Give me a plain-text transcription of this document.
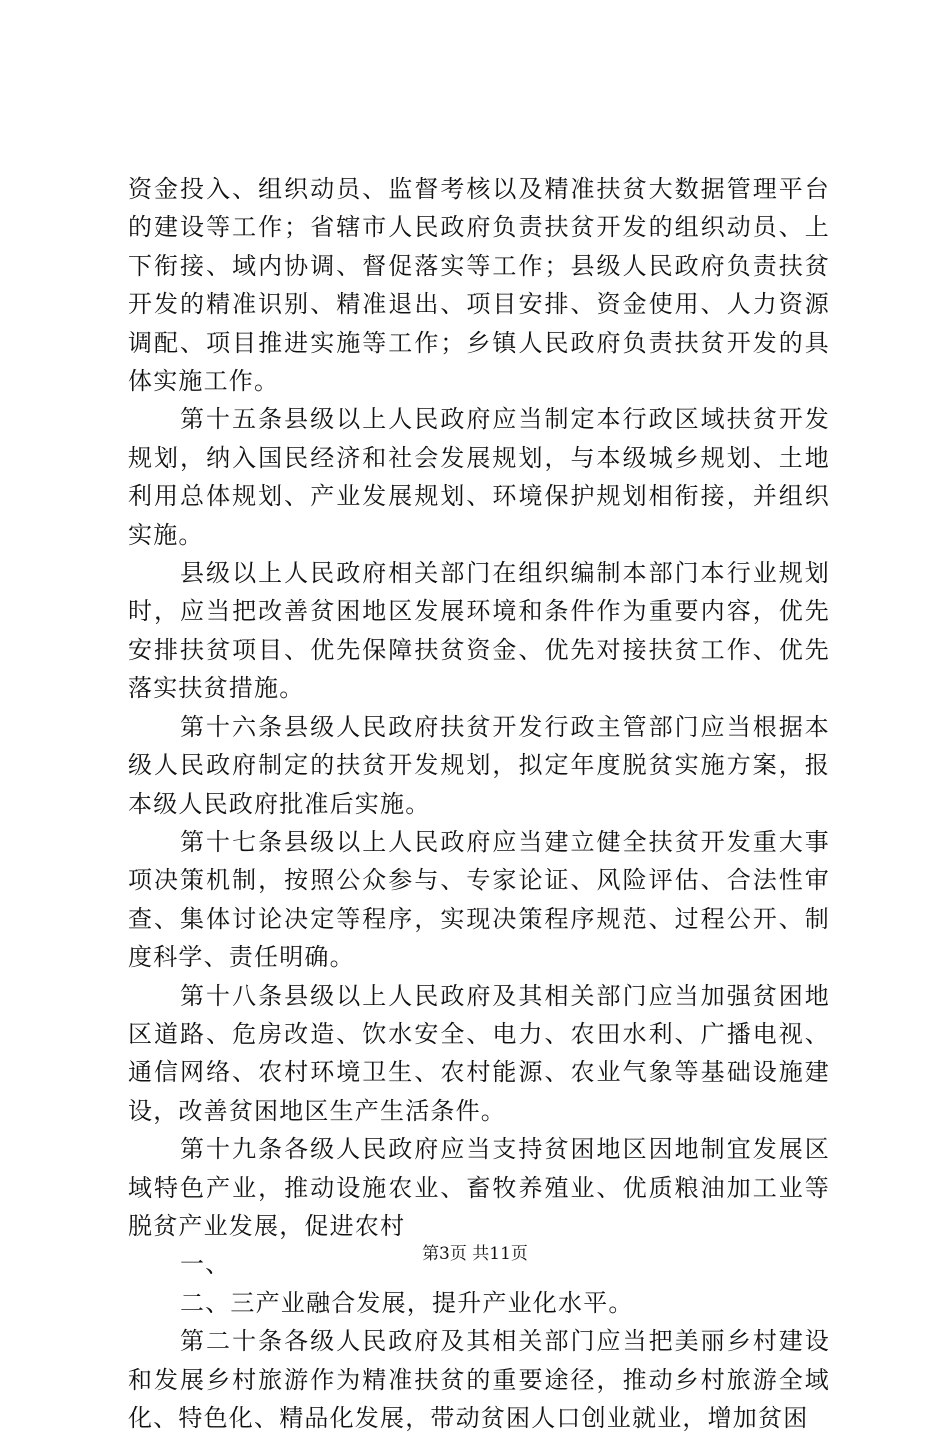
资金投入、组织动员、监督考核以及精准扶贫大数据管理平台的建设等工作；省辖市人民政府负责扶贫开发的组织动员、上下衔接、域内协调、督促落实等工作；县级人民政府负责扶贫开发的精准识别、精准退出、项目安排、资金使用、人力资源调配、项目推进实施等工作；乡镇人民政府负责扶贫开发的具体实施工作。

第十五条县级以上人民政府应当制定本行政区域扶贫开发规划，纳入国民经济和社会发展规划，与本级城乡规划、土地利用总体规划、产业发展规划、环境保护规划相衔接，并组织实施。

县级以上人民政府相关部门在组织编制本部门本行业规划时，应当把改善贫困地区发展环境和条件作为重要内容，优先安排扶贫项目、优先保障扶贫资金、优先对接扶贫工作、优先落实扶贫措施。

第十六条县级人民政府扶贫开发行政主管部门应当根据本级人民政府制定的扶贫开发规划，拟定年度脱贫实施方案，报本级人民政府批准后实施。

第十七条县级以上人民政府应当建立健全扶贫开发重大事项决策机制，按照公众参与、专家论证、风险评估、合法性审查、集体讨论决定等程序，实现决策程序规范、过程公开、制度科学、责任明确。

第十八条县级以上人民政府及其相关部门应当加强贫困地区道路、危房改造、饮水安全、电力、农田水利、广播电视、通信网络、农村环境卫生、农村能源、农业气象等基础设施建设，改善贫困地区生产生活条件。

第十九条各级人民政府应当支持贫困地区因地制宜发展区域特色产业，推动设施农业、畜牧养殖业、优质粮油加工业等脱贫产业发展，促进农村

一、

二、三产业融合发展，提升产业化水平。

第二十条各级人民政府及其相关部门应当把美丽乡村建设和发展乡村旅游作为精准扶贫的重要途径，推动乡村旅游全域化、特色化、精品化发展，带动贫困人口创业就业，增加贫困

第3页 共11页
